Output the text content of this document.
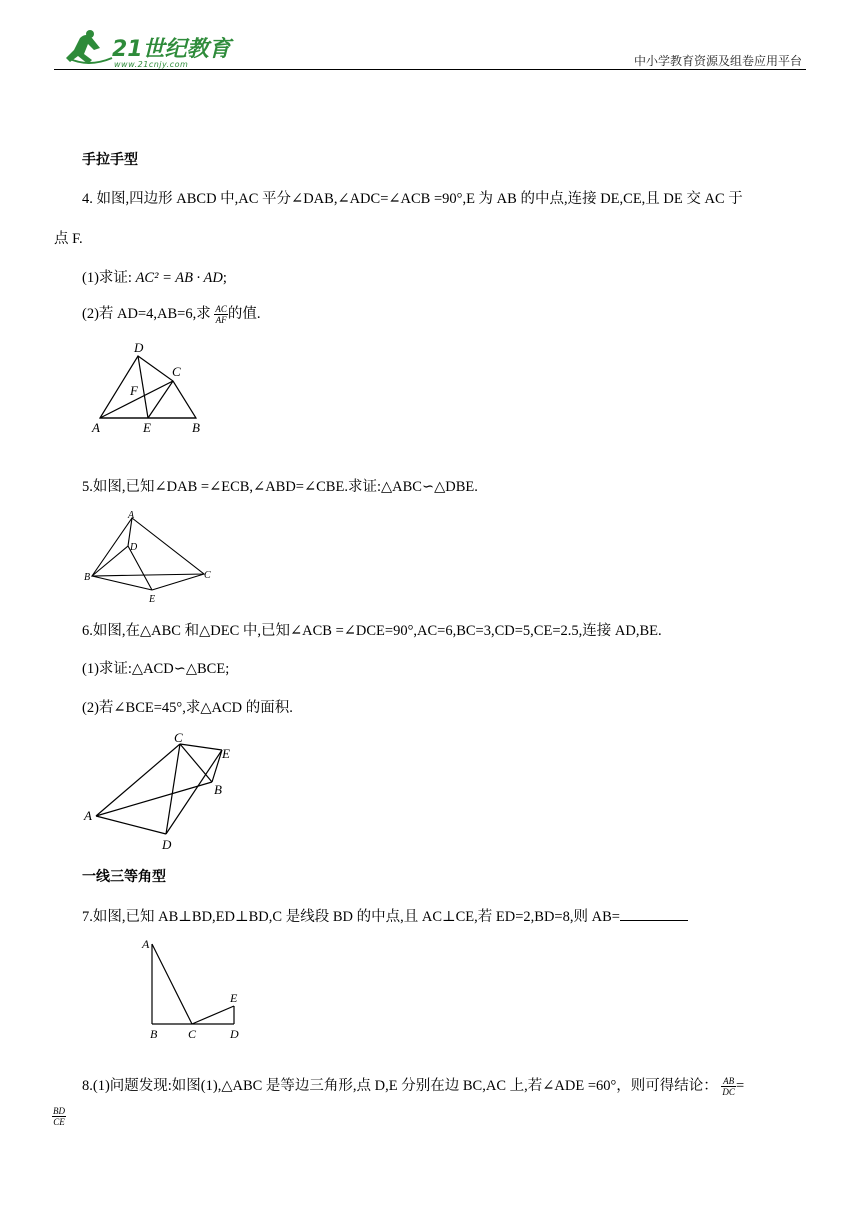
21世纪教育
www.21cnjy.com	中小学教育资源及组卷应用平台
手拉手型
4. 如图,四边形 ABCD 中,AC 平分∠DAB,∠ADC=∠ACB =90°,E 为 AB 的中点,连接 DE,CE,且 DE 交 AC 于
点 F.
(1)求证: AC² = AB · AD;
(2)若 AD=4,AB=6,求 $\frac{AC}{AF}$ 的值.
D
C
F
A	E	B
5.如图,已知∠DAB =∠ECB,∠ABD=∠CBE.求证:△ABC∽△DBE.
A
D
B	C
E
6.如图,在△ABC 和△DEC 中,已知∠ACB =∠DCE=90°,AC=6,BC=3,CD=5,CE=2.5,连接 AD,BE.
(1)求证:△ACD∽△BCE;
(2)若∠BCE=45°,求△ACD 的面积.
C
E
B
A
D
一线三等角型
7.如图,已知 AB⊥BD,ED⊥BD,C 是线段 BD 的中点,且 AC⊥CE,若 ED=2,BD=8,则 AB=
A
E
B	C	D
8.(1)问题发现:如图(1),△ABC 是等边三角形,点 D,E 分别在边 BC,AC 上,若∠ADE =60°，则可得结论： $\frac{AB}{DC}$ =
$\frac{BD}{CE}$
